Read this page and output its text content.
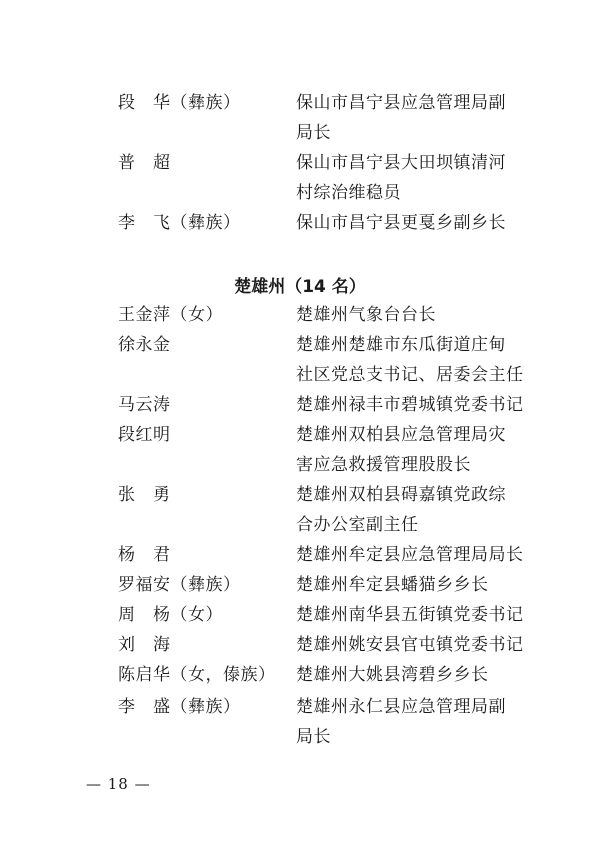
段　华（彝族）	保山市昌宁县应急管理局副
局长
普　超	保山市昌宁县大田坝镇清河
村综治维稳员
李　飞（彝族）	保山市昌宁县更戛乡副乡长
楚雄州（14 名）
王金萍（女）	楚雄州气象台台长
徐永金	楚雄州楚雄市东瓜街道庄甸
社区党总支书记、居委会主任
马云涛	楚雄州禄丰市碧城镇党委书记
段红明	楚雄州双柏县应急管理局灾
害应急救援管理股股长
张　勇	楚雄州双柏县碍嘉镇党政综
合办公室副主任
杨　君	楚雄州牟定县应急管理局局长
罗福安（彝族）	楚雄州牟定县蟠猫乡乡长
周　杨（女）	楚雄州南华县五街镇党委书记
刘　海	楚雄州姚安县官屯镇党委书记
陈启华（女，傣族） 楚雄州大姚县湾碧乡乡长
李　盛（彝族）	楚雄州永仁县应急管理局副
局长
— 18 —
